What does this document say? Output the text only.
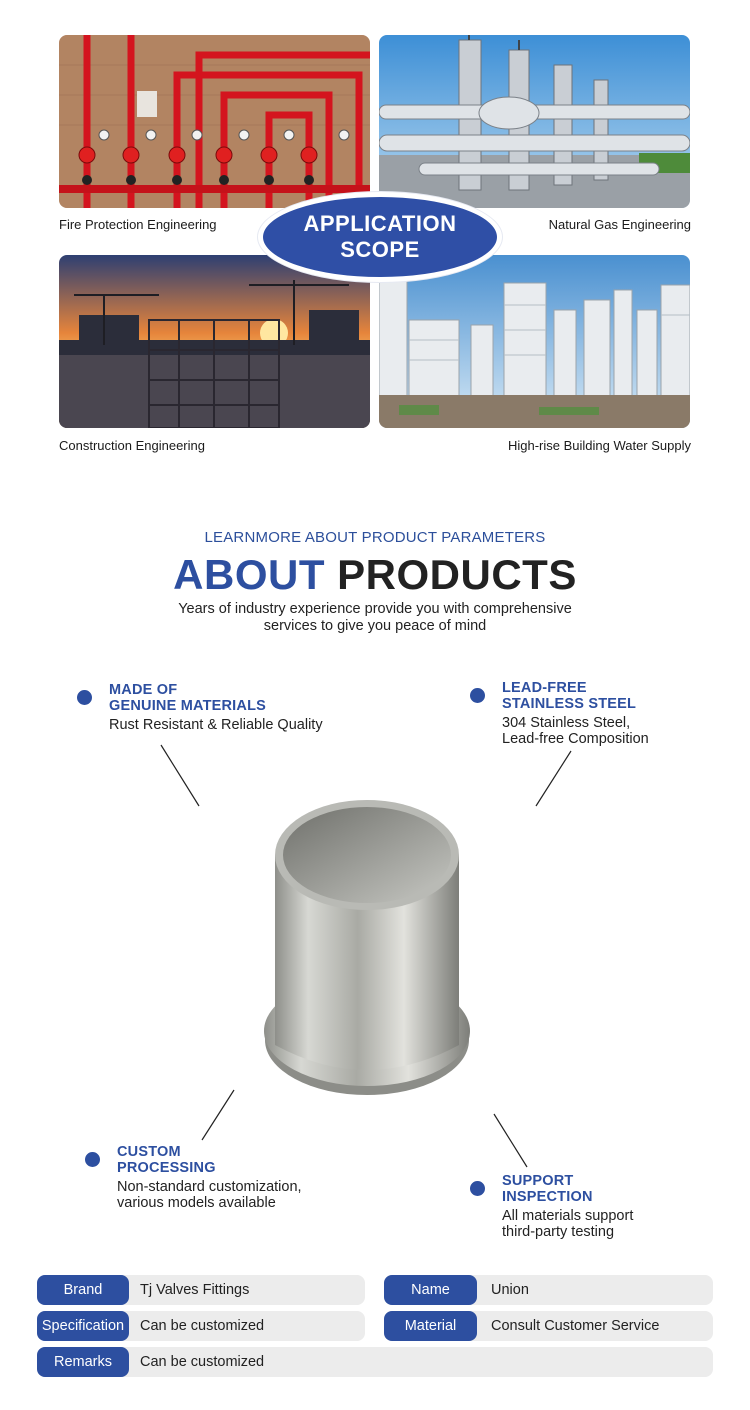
Fire Protection Engineering	Natural Gas Engineering
Construction Engineering	High-rise Building Water Supply
APPLICATION
SCOPE
LEARNMORE ABOUT PRODUCT PARAMETERS
ABOUT PRODUCTS
Years of industry experience provide you with comprehensive
services to give you peace of mind
MADE OF
GENUINE MATERIALS
Rust Resistant & Reliable Quality
LEAD-FREE
STAINLESS STEEL
304 Stainless Steel,
Lead-free Composition
CUSTOM
PROCESSING
Non-standard customization,
various models available
SUPPORT
INSPECTION
All materials support
third-party testing
Brand	Tj Valves Fittings	Name	Union
Specification	Can be customized	Material	Consult Customer Service
Remarks	Can be customized
